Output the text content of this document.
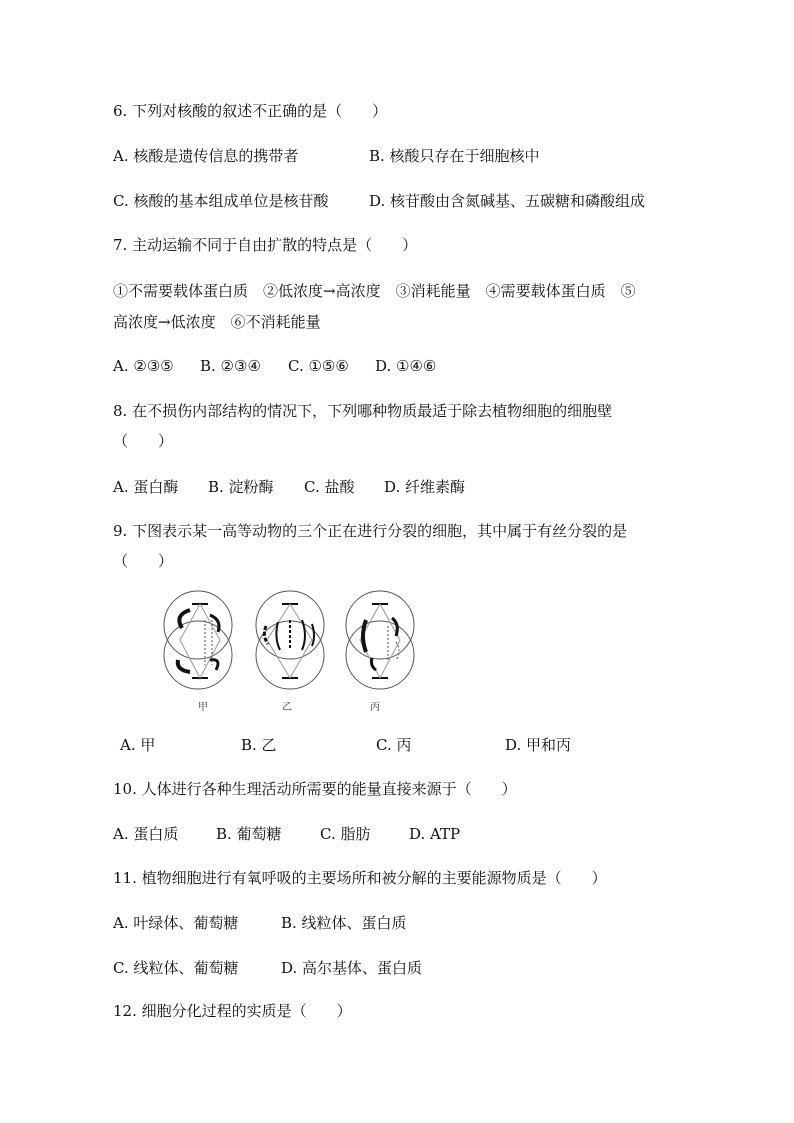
6. 下列对核酸的叙述不正确的是（　　）
A. 核酸是遗传信息的携带者	B. 核酸只存在于细胞核中
C. 核酸的基本组成单位是核苷酸	D. 核苷酸由含氮碱基、五碳糖和磷酸组成
7. 主动运输不同于自由扩散的特点是（　　）
①不需要载体蛋白质　②低浓度→高浓度　③消耗能量　④需要载体蛋白质　⑤
高浓度→低浓度　⑥不消耗能量
A. ②③⑤ B. ②③④ C. ①⑤⑥ D. ①④⑥
8. 在不损伤内部结构的情况下，下列哪种物质最适于除去植物细胞的细胞壁
（　　）
A. 蛋白酶 B. 淀粉酶 C. 盐酸 D. 纤维素酶
9. 下图表示某一高等动物的三个正在进行分裂的细胞，其中属于有丝分裂的是
（　　）
甲	乙	丙
A. 甲	B. 乙	C. 丙	D. 甲和丙
10. 人体进行各种生理活动所需要的能量直接来源于（　　）
A. 蛋白质	B. 葡萄糖	C. 脂肪	D. ATP
11. 植物细胞进行有氧呼吸的主要场所和被分解的主要能源物质是（　　）
A. 叶绿体、葡萄糖	B. 线粒体、蛋白质
C. 线粒体、葡萄糖	D. 高尔基体、蛋白质
12. 细胞分化过程的实质是（　　）
